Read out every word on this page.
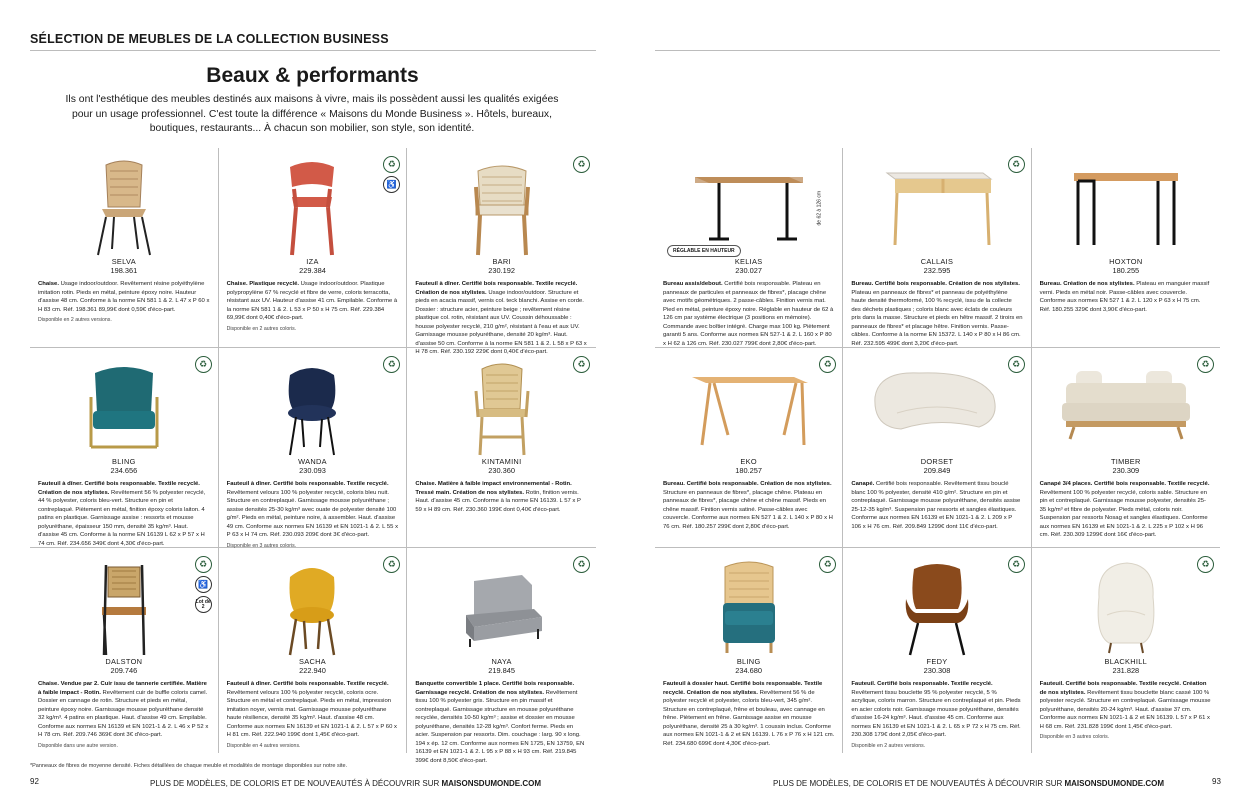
SÉLECTION DE MEUBLES DE LA COLLECTION BUSINESS
Beaux & performants
Ils ont l'esthétique des meubles destinés aux maisons à vivre, mais ils possèdent aussi les qualités exigées pour un usage professionnel. C'est toute la différence « Maisons du Monde Business ». Hôtels, bureaux, boutiques, restaurants... À chacun son mobilier, son style, son identité.
SELVA
198.361
Chaise. Usage indoor/outdoor. Revêtement résine polyéthylène imitation rotin. Pieds en métal, peinture époxy noire. Hauteur d'assise 48 cm. Conforme à la norme EN 581 1 & 2. L 47 x P 60 x H 83 cm. Réf. 198.361 89,99€ dont 0,59€ d'éco-part.
Disponible en 2 autres versions.
♻
♿
IZA
229.384
Chaise. Plastique recyclé. Usage indoor/outdoor. Plastique polypropylène 67 % recyclé et fibre de verre, coloris terracotta, résistant aux UV. Hauteur d'assise 41 cm. Empilable. Conforme à la norme EN 581 1 & 2. L 53 x P 50 x H 75 cm. Réf. 229.384 69,99€ dont 0,40€ d'éco-part.
Disponible en 2 autres coloris.
♻
BARI
230.192
Fauteuil à dîner. Certifié bois responsable. Textile recyclé. Création de nos stylistes. Usage indoor/outdoor. Structure et pieds en acacia massif, vernis col. teck blanchi. Assise en corde. Dossier : structure acier, peinture beige ; revêtement résine plastique col. rotin, résistant aux UV. Coussin déhoussable : housse polyester recyclé, 210 g/m², résistant à l'eau et aux UV. Garnissage mousse polyuréthane, densité 20 kg/m³. Haut. d'assise 50 cm. Conforme à la norme EN 581 1 & 2. L 58 x P 63 x H 78 cm. Réf. 230.192 229€ dont 0,40€ d'éco-part.
♻
BLING
234.656
Fauteuil à dîner. Certifié bois responsable. Textile recyclé. Création de nos stylistes. Revêtement 56 % polyester recyclé, 44 % polyester, coloris bleu-vert. Structure en pin et contreplaqué. Piètement en métal, finition époxy coloris laiton. 4 patins en plastique. Garnissage assise : ressorts et mousse polyuréthane, épaisseur 150 mm, densité 35 kg/m³. Haut. d'assise 45 cm. Conforme à la norme EN 16139 L 62 x P 57 x H 74 cm. Réf. 234.656 349€ dont 4,30€ d'éco-part.
♻
WANDA
230.093
Fauteuil à dîner. Certifié bois responsable. Textile recyclé. Revêtement velours 100 % polyester recyclé, coloris bleu nuit. Structure en contreplaqué. Garnissage mousse polyuréthane ; assise densités 25-30 kg/m³ avec ouate de polyester densité 100 g/m². Pieds en métal, peinture noire, à assembler. Haut. d'assise 49 cm. Conforme aux normes EN 16139 et EN 1021-1 & 2. L 55 x P 63 x H 74 cm. Réf. 230.093 209€ dont 3€ d'éco-part.
Disponible en 3 autres coloris.
♻
KINTAMINI
230.360
Chaise. Matière à faible impact environnemental - Rotin. Tressé main. Création de nos stylistes. Rotin, finition vernis. Haut. d'assise 45 cm. Conforme à la norme EN 16139. L 57 x P 59 x H 89 cm. Réf. 230.360 199€ dont 0,40€ d'éco-part.
♻
♿
Lot de 2
DALSTON
209.746
Chaise. Vendue par 2. Cuir issu de tannerie certifiée. Matière à faible impact - Rotin. Revêtement cuir de buffle coloris camel. Dossier en cannage de rotin. Structure et pieds en métal, peinture époxy noire. Garnissage mousse polyuréthane densité 32 kg/m³. 4 patins en plastique. Haut. d'assise 49 cm. Empilable. Conforme aux normes EN 16139 et EN 1021-1 & 2. L 46 x P 52 x H 78 cm. Réf. 209.746 369€ dont 3€ d'éco-part.
Disponible dans une autre version.
♻
SACHA
222.940
Fauteuil à dîner. Certifié bois responsable. Textile recyclé. Revêtement velours 100 % polyester recyclé, coloris ocre. Structure en métal et contreplaqué. Pieds en métal, impression imitation noyer, vernis mat. Garnissage mousse polyuréthane haute résilience, densité 35 kg/m³. Haut. d'assise 48 cm. Conforme aux normes EN 16139 et EN 1021-1 & 2. L 57 x P 60 x H 81 cm. Réf. 222.940 199€ dont 1,45€ d'éco-part.
Disponible en 4 autres versions.
♻
NAYA
219.845
Banquette convertible 1 place. Certifié bois responsable. Garnissage recyclé. Création de nos stylistes. Revêtement tissu 100 % polyester gris. Structure en pin massif et contreplaqué. Garnissage structure en mousse polyuréthane recyclée, densités 10-50 kg/m³ ; assise et dossier en mousse polyuréthane, densités 12-28 kg/m³. Confort ferme. Pieds en acier. Suspension par ressorts. Dim. couchage : larg. 90 x long. 194 x ép. 12 cm. Conforme aux normes EN 1725, EN 13759, EN 16139 et EN 1021-1 & 2. L 95 x P 88 x H 93 cm. Réf. 219.845 399€ dont 8,50€ d'éco-part.
*Panneaux de fibres de moyenne densité. Fiches détaillées de chaque meuble et modalités de montage disponibles sur notre site.
92	PLUS DE MODÈLES, DE COLORIS ET DE NOUVEAUTÉS À DÉCOUVRIR SUR MAISONSDUMONDE.COM
de 62 à 126 cm
RÉGLABLE EN HAUTEUR
KELIAS
230.027
Bureau assis/debout. Certifié bois responsable. Plateau en panneaux de particules et panneaux de fibres*, placage chêne avec motifs géométriques. 2 passe-câbles. Finition vernis mat. Pied en métal, peinture époxy noire. Réglable en hauteur de 62 à 126 cm par système électrique (3 positions en mémoire). Commande avec boîtier intégré. Charge max 100 kg. Piètement garanti 5 ans. Conforme aux normes EN 527-1 & 2. L 160 x P 80 x H 62 à 126 cm. Réf. 230.027 799€ dont 2,80€ d'éco-part.
♻
CALLAIS
232.595
Bureau. Certifié bois responsable. Création de nos stylistes. Plateau en panneaux de fibres* et panneau de polyéthylène haute densité thermoformé, 100 % recyclé, issu de la collecte des déchets plastiques ; coloris blanc avec éclats de couleurs pris dans la masse. Structure et pieds en hêtre massif. 2 tiroirs en panneaux de fibres* et placage hêtre. Finition vernis. Passe-câbles. Conforme à la norme EN 15372. L 140 x P 80 x H 86 cm. Réf. 232.595 499€ dont 3,20€ d'éco-part.
HOXTON
180.255
Bureau. Création de nos stylistes. Plateau en manguier massif verni. Pieds en métal noir. Passe-câbles avec couvercle. Conforme aux normes EN 527 1 & 2. L 120 x P 63 x H 75 cm. Réf. 180.255 329€ dont 3,90€ d'éco-part.
♻
EKO
180.257
Bureau. Certifié bois responsable. Création de nos stylistes. Structure en panneaux de fibres*, placage chêne. Plateau en panneaux de fibres*, placage chêne et chêne massif. Pieds en chêne massif. Finition vernis satiné. Passe-câbles avec couvercle. Conforme aux normes EN 527 1 & 2. L 140 x P 80 x H 76 cm. Réf. 180.257 299€ dont 2,80€ d'éco-part.
♻
DORSET
209.849
Canapé. Certifié bois responsable. Revêtement tissu bouclé blanc 100 % polyester, densité 410 g/m². Structure en pin et contreplaqué. Garnissage mousse polyuréthane, densités assise 25-12-35 kg/m³. Suspension par ressorts et sangles élastiques. Conforme aux normes EN 16139 et EN 1021-1 & 2. L 209 x P 106 x H 76 cm. Réf. 209.849 1299€ dont 11€ d'éco-part.
♻
TIMBER
230.309
Canapé 3/4 places. Certifié bois responsable. Textile recyclé. Revêtement 100 % polyester recyclé, coloris sable. Structure en pin et contreplaqué. Garnissage mousse polyester, densités 25-35 kg/m³ et fibre de polyester. Pieds métal, coloris noir. Suspension par ressorts Nosag et sangles élastiques. Conforme aux normes EN 16139 et EN 1021-1 & 2. L 225 x P 102 x H 96 cm. Réf. 230.309 1299€ dont 16€ d'éco-part.
♻
BLING
234.680
Fauteuil à dossier haut. Certifié bois responsable. Textile recyclé. Création de nos stylistes. Revêtement 56 % de polyester recyclé et polyester, coloris bleu-vert, 345 g/m². Structure en contreplaqué, frêne et bouleau, avec cannage en frêne. Piètement en frêne. Garnissage assise en mousse polyuréthane, densité 25 à 30 kg/m³. 1 coussin inclus. Conforme aux normes EN 1021-1 & 2 et EN 16139. L 76 x P 76 x H 121 cm. Réf. 234.680 699€ dont 4,30€ d'éco-part.
♻
FEDY
230.308
Fauteuil. Certifié bois responsable. Textile recyclé. Revêtement tissu bouclette 95 % polyester recyclé, 5 % acrylique, coloris marron. Structure en contreplaqué et pin. Pieds en acier coloris noir. Garnissage mousse polyuréthane, densités d'assise 16-24 kg/m³. Haut. d'assise 45 cm. Conforme aux normes EN 16139 et EN 1021-1 & 2. L 65 x P 72 x H 75 cm. Réf. 230.308 179€ dont 2,05€ d'éco-part.
Disponible en 2 autres versions.
♻
BLACKHILL
231.828
Fauteuil. Certifié bois responsable. Textile recyclé. Création de nos stylistes. Revêtement tissu bouclette blanc cassé 100 % polyester recyclé. Structure en contreplaqué. Garnissage mousse polyuréthane, densités 20-24 kg/m³. Haut. d'assise 37 cm. Conforme aux normes EN 1021-1 & 2 et EN 16139. L 57 x P 61 x H 68 cm. Réf. 231.828 199€ dont 1,45€ d'éco-part.
Disponible en 3 autres coloris.
PLUS DE MODÈLES, DE COLORIS ET DE NOUVEAUTÉS À DÉCOUVRIR SUR MAISONSDUMONDE.COM	93
